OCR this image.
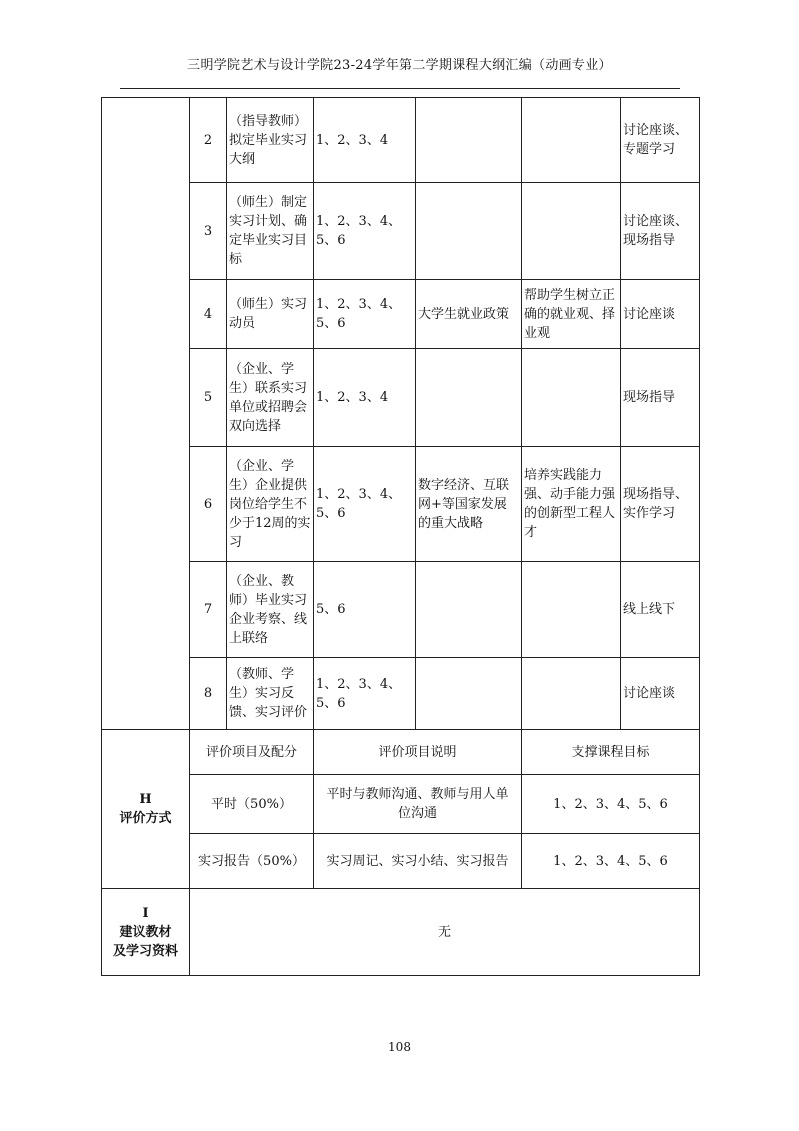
三明学院艺术与设计学院23-24学年第二学期课程大纲汇编（动画专业）
	2	（指导教师）拟定毕业实习大纲	1、2、3、4			讨论座谈、专题学习
	3	（师生）制定实习计划、确定毕业实习目标	1、2、3、4、5、6			讨论座谈、现场指导
	4	（师生）实习动员	1、2、3、4、5、6	大学生就业政策	帮助学生树立正确的就业观、择业观	讨论座谈
	5	（企业、学生）联系实习单位或招聘会双向选择	1、2、3、4			现场指导
	6	（企业、学生）企业提供岗位给学生不少于12周的实习	1、2、3、4、5、6	数字经济、互联网+等国家发展的重大战略	培养实践能力强、动手能力强的创新型工程人才	现场指导、实作学习
	7	（企业、教师）毕业实习企业考察、线上联络	5、6			线上线下
	8	（教师、学生）实习反馈、实习评价	1、2、3、4、5、6			讨论座谈

H
评价方式	评价项目及配分		评价项目说明		支撑课程目标	
	平时（50%）		平时与教师沟通、教师与用人单位沟通		1、2、3、4、5、6	
	实习报告（50%）		实习周记、实习小结、实习报告		1、2、3、4、5、6	

I
建议教材
及学习资料	无					
108
